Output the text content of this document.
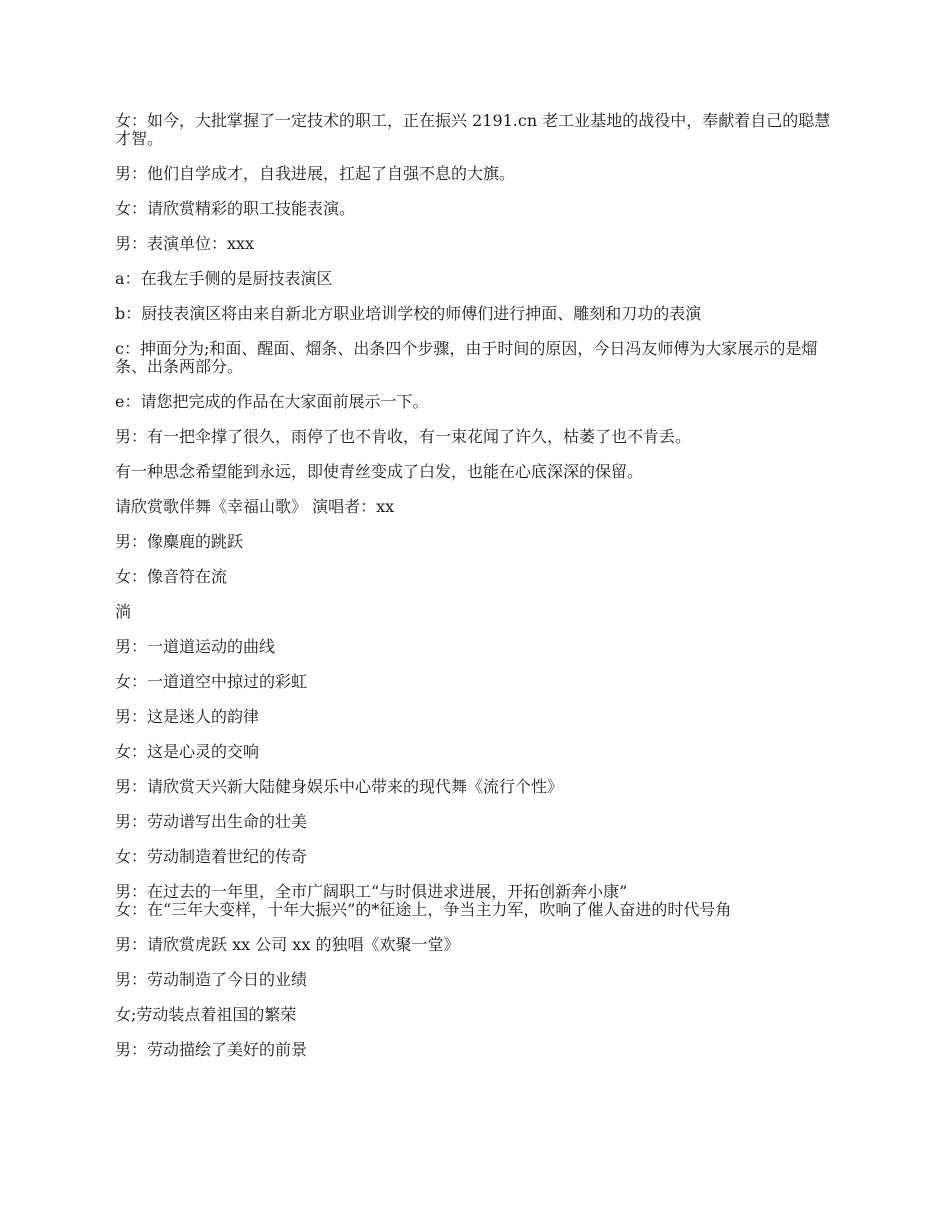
女：如今，大批掌握了一定技术的职工，正在振兴 2191.cn 老工业基地的战役中，奉献着自己的聪慧才智。

男：他们自学成才，自我进展，扛起了自强不息的大旗。

女：请欣赏精彩的职工技能表演。

男：表演单位：xxx

a：在我左手侧的是厨技表演区

b：厨技表演区将由来自新北方职业培训学校的师傅们进行抻面、雕刻和刀功的表演

c：抻面分为;和面、醒面、熘条、出条四个步骤，由于时间的原因，今日冯友师傅为大家展示的是熘条、出条两部分。

e：请您把完成的作品在大家面前展示一下。

男：有一把伞撑了很久，雨停了也不肯收，有一束花闻了许久，枯萎了也不肯丢。

有一种思念希望能到永远，即使青丝变成了白发，也能在心底深深的保留。

请欣赏歌伴舞《幸福山歌》 演唱者：xx

男：像麋鹿的跳跃

女：像音符在流

淌

男：一道道运动的曲线

女：一道道空中掠过的彩虹

男：这是迷人的韵律

女：这是心灵的交响

男：请欣赏天兴新大陆健身娱乐中心带来的现代舞《流行个性》

男：劳动谱写出生命的壮美

女：劳动制造着世纪的传奇

男：在过去的一年里，全市广阔职工“与时俱进求进展，开拓创新奔小康”

女：在“三年大变样，十年大振兴”的*征途上，争当主力军，吹响了催人奋进的时代号角

男：请欣赏虎跃 xx 公司 xx 的独唱《欢聚一堂》

男：劳动制造了今日的业绩

女;劳动装点着祖国的繁荣

男：劳动描绘了美好的前景
